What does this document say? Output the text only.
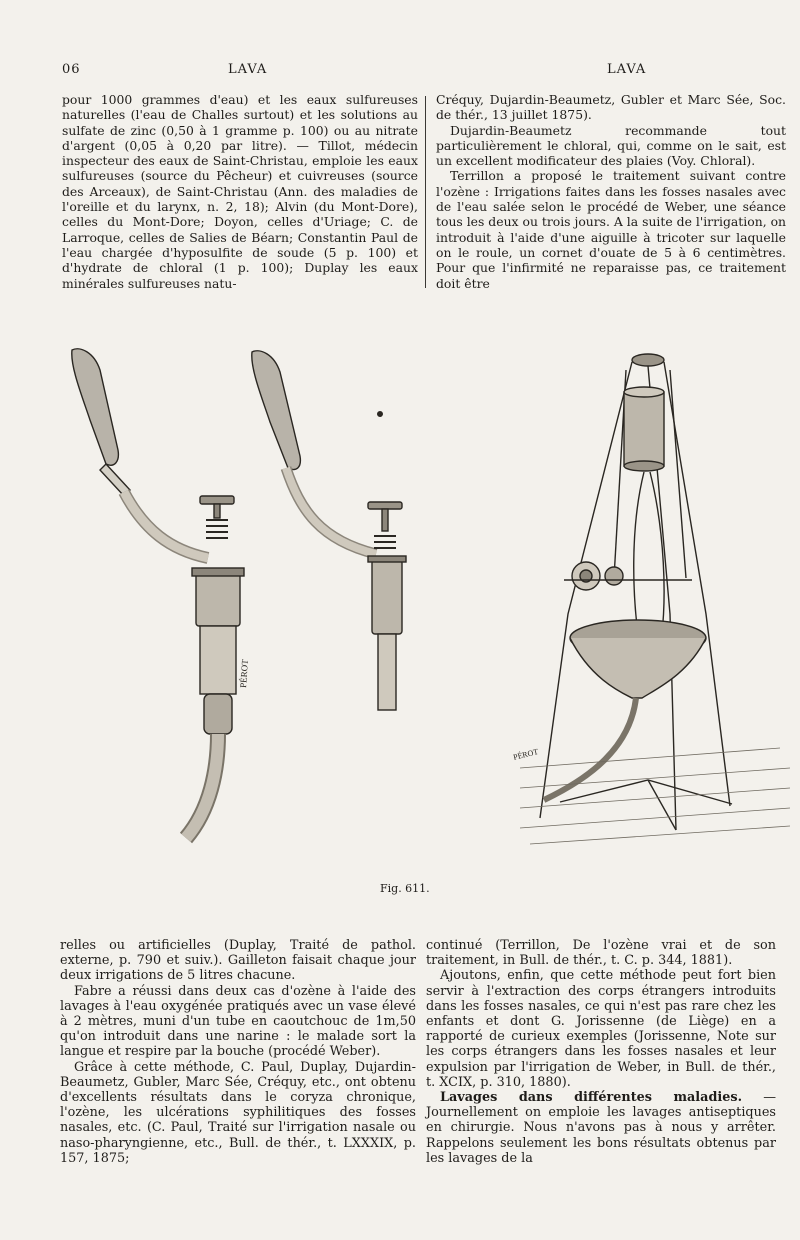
06	LAVA	LAVA

pour 1000 grammes d'eau) et les eaux sulfureuses naturelles (l'eau de Challes surtout) et les solutions au sulfate de zinc (0,50 à 1 gramme p. 100) ou au nitrate d'argent (0,05 à 0,20 par litre). — Tillot, médecin inspecteur des eaux de Saint-Christau, emploie les eaux sulfureuses (source du Pêcheur) et cuivreuses (source des Arceaux), de Saint-Christau (Ann. des maladies de l'oreille et du larynx, n. 2, 18); Alvin (du Mont-Dore), celles du Mont-Dore; Doyon, celles d'Uriage; C. de Larroque, celles de Salies de Béarn; Constantin Paul de l'eau chargée d'hyposulfite de soude (5 p. 100) et d'hydrate de chloral (1 p. 100); Duplay les eaux minérales sulfureuses natu-

Créquy, Dujardin-Beaumetz, Gubler et Marc Sée, Soc. de thér., 13 juillet 1875).

Dujardin-Beaumetz recommande tout particulièrement le chloral, qui, comme on le sait, est un excellent modificateur des plaies (Voy. Chloral).

Terrillon a proposé le traitement suivant contre l'ozène : Irrigations faites dans les fosses nasales avec de l'eau salée selon le procédé de Weber, une séance tous les deux ou trois jours. A la suite de l'irrigation, on introduit à l'aide d'une aiguille à tricoter sur laquelle on le roule, un cornet d'ouate de 5 à 6 centimètres. Pour que l'infirmité ne reparaisse pas, ce traitement doit être

PÉROT
PÉROT
Fig. 611.

relles ou artificielles (Duplay, Traité de pathol. externe, p. 790 et suiv.). Gailleton faisait chaque jour deux irrigations de 5 litres chacune.

Fabre a réussi dans deux cas d'ozène à l'aide des lavages à l'eau oxygénée pratiqués avec un vase élevé à 2 mètres, muni d'un tube en caoutchouc de 1m,50 qu'on introduit dans une narine : le malade sort la langue et respire par la bouche (procédé Weber).

Grâce à cette méthode, C. Paul, Duplay, Dujardin-Beaumetz, Gubler, Marc Sée, Créquy, etc., ont obtenu d'excellents résultats dans le coryza chronique, l'ozène, les ulcérations syphilitiques des fosses nasales, etc. (C. Paul, Traité sur l'irrigation nasale ou naso-pharyngienne, etc., Bull. de thér., t. LXXXIX, p. 157, 1875;

continué (Terrillon, De l'ozène vrai et de son traitement, in Bull. de thér., t. C. p. 344, 1881).

Ajoutons, enfin, que cette méthode peut fort bien servir à l'extraction des corps étrangers introduits dans les fosses nasales, ce qui n'est pas rare chez les enfants et dont G. Jorissenne (de Liège) en a rapporté de curieux exemples (Jorissenne, Note sur les corps étrangers dans les fosses nasales et leur expulsion par l'irrigation de Weber, in Bull. de thér., t. XCIX, p. 310, 1880).

Lavages dans différentes maladies. — Journellement on emploie les lavages antiseptiques en chirurgie. Nous n'avons pas à nous y arrêter. Rappelons seulement les bons résultats obtenus par les lavages de la
